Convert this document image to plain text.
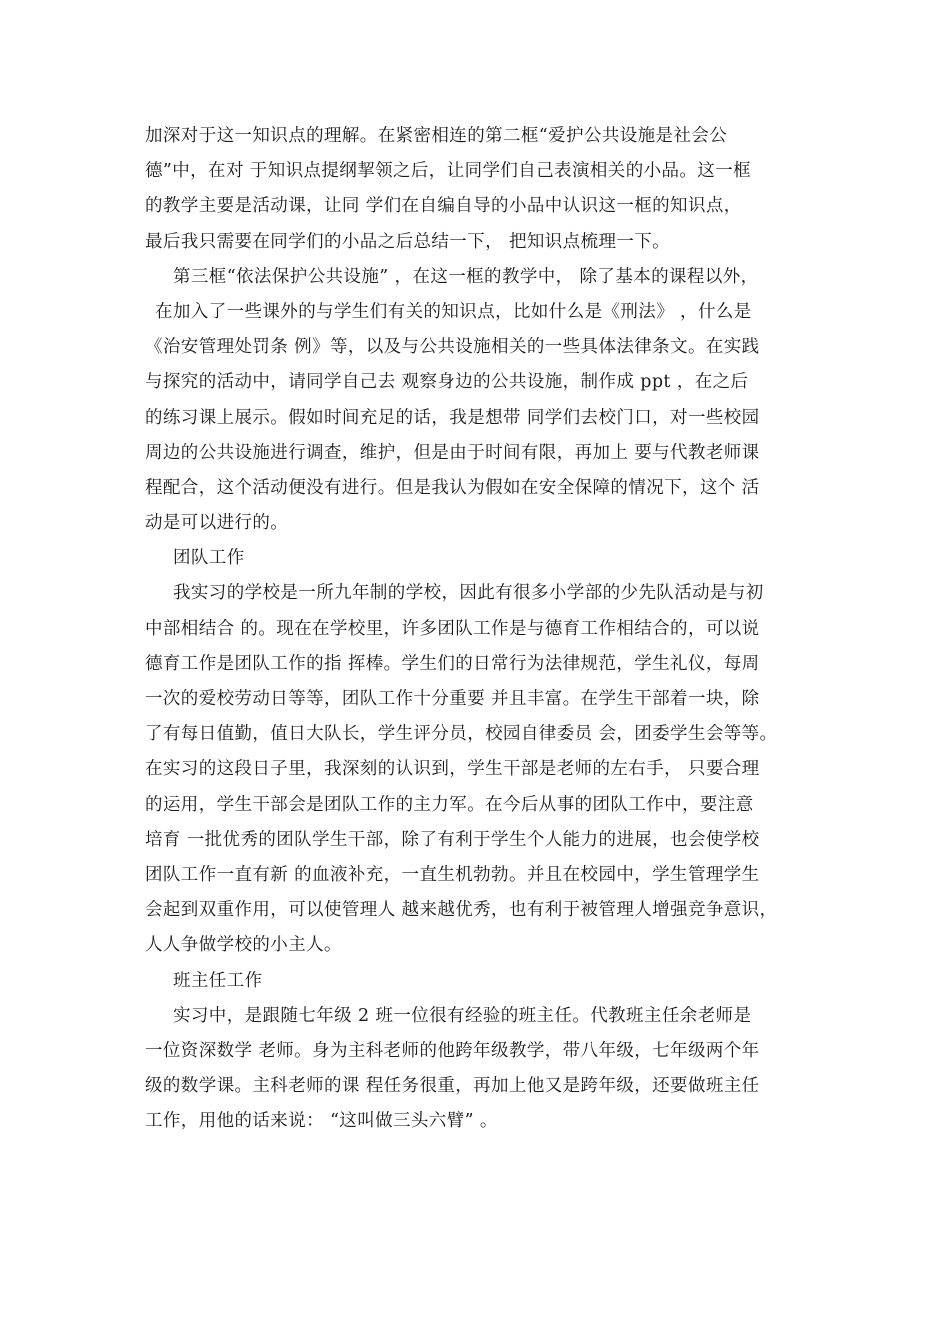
加深对于这一知识点的理解。在紧密相连的第二框“爱护公共设施是社会公
德”中，在对 于知识点提纲挈领之后，让同学们自己表演相关的小品。这一框
的教学主要是活动课，让同 学们在自编自导的小品中认识这一框的知识点，
最后我只需要在同学们的小品之后总结一下， 把知识点梳理一下。
第三框“依法保护公共设施” ，在这一框的教学中， 除了基本的课程以外，
在加入了一些课外的与学生们有关的知识点，比如什么是《刑法》 ，什么是
《治安管理处罚条 例》等，以及与公共设施相关的一些具体法律条文。在实践
与探究的活动中，请同学自己去 观察身边的公共设施，制作成 ppt ，在之后
的练习课上展示。假如时间充足的话，我是想带 同学们去校门口，对一些校园
周边的公共设施进行调查，维护，但是由于时间有限，再加上 要与代教老师课
程配合，这个活动便没有进行。但是我认为假如在安全保障的情况下，这个 活
动是可以进行的。
团队工作
我实习的学校是一所九年制的学校，因此有很多小学部的少先队活动是与初
中部相结合 的。现在在学校里，许多团队工作是与德育工作相结合的，可以说
德育工作是团队工作的指 挥棒。学生们的日常行为法律规范，学生礼仪，每周
一次的爱校劳动日等等，团队工作十分重要 并且丰富。在学生干部着一块，除
了有每日值勤，值日大队长，学生评分员，校园自律委员 会，团委学生会等等。
在实习的这段日子里，我深刻的认识到，学生干部是老师的左右手， 只要合理
的运用，学生干部会是团队工作的主力军。在今后从事的团队工作中，要注意
培育 一批优秀的团队学生干部，除了有利于学生个人能力的进展，也会使学校
团队工作一直有新 的血液补充，一直生机勃勃。并且在校园中，学生管理学生
会起到双重作用，可以使管理人 越来越优秀，也有利于被管理人增强竞争意识，
人人争做学校的小主人。
班主任工作
实习中，是跟随七年级 2 班一位很有经验的班主任。代教班主任余老师是
一位资深数学 老师。身为主科老师的他跨年级教学，带八年级，七年级两个年
级的数学课。主科老师的课 程任务很重，再加上他又是跨年级，还要做班主任
工作，用他的话来说： “这叫做三头六臂” 。
